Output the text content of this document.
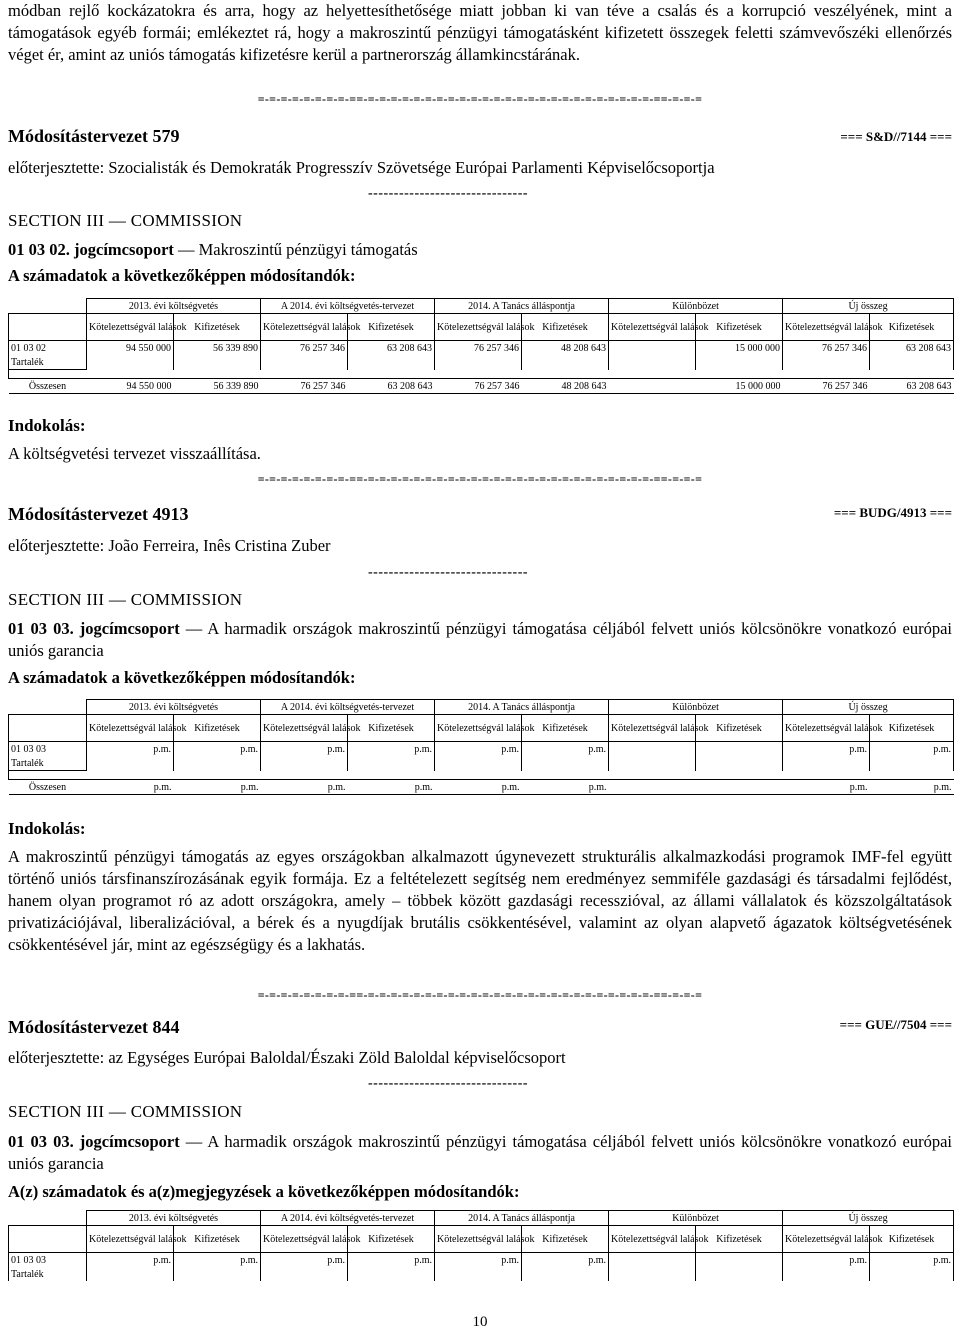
módban rejlő kockázatokra és arra, hogy az helyettesíthetősége miatt jobban ki van téve a csalás és a korrupció veszélyének, mint a támogatások egyéb formái; emlékeztet rá, hogy a makroszintű pénzügyi támogatásként kifizetett összegek feletti számvevőszéki ellenőrzés véget ér, amint az uniós támogatás kifizetésre kerül a partnerország államkincstárának.

=-=-=-=-=-=-=-=-==-=-=-=-=-=-=-=-=-=-=-=-=-=-=-=-=-=-=-=-=-=-=-=-=-=-==-=-=-=
Módosítástervezet 579	=== S&D//7144 ===
előterjesztette: Szocialisták és Demokraták Progresszív Szövetsége Európai Parlamenti Képviselőcsoportja
-------------------------------
SECTION III — COMMISSION
01 03 02. jogcímcsoport — Makroszintű pénzügyi támogatás
A számadatok a következőképpen módosítandók:
	2013. évi költségvetés		A 2014. évi költségvetés-tervezet		2014. A Tanács álláspontja		Különbözet		Új összeg	
	Kötelezettségvál lalások	Kifizetések	Kötelezettségvál lalások	Kifizetések	Kötelezettségvál lalások	Kifizetések	Kötelezettségvál lalások	Kifizetések	Kötelezettségvál lalások	Kifizetések
01 03 02	94 550 000	56 339 890	76 257 346	63 208 643	76 257 346	48 208 643		15 000 000	76 257 346	63 208 643
Tartalék										

Összesen	94 550 000	56 339 890	76 257 346	63 208 643	76 257 346	48 208 643		15 000 000	76 257 346	63 208 643
Indokolás:
A költségvetési tervezet visszaállítása.
=-=-=-=-=-=-=-=-==-=-=-=-=-=-=-=-=-=-=-=-=-=-=-=-=-=-=-=-=-=-=-=-=-=-==-=-=-=
Módosítástervezet 4913	=== BUDG/4913 ===
előterjesztette: João Ferreira, Inês Cristina Zuber
-------------------------------
SECTION III — COMMISSION

01 03 03. jogcímcsoport — A harmadik országok makroszintű pénzügyi támogatása céljából felvett uniós kölcsönökre vonatkozó európai uniós garancia

A számadatok a következőképpen módosítandók:
	2013. évi költségvetés		A 2014. évi költségvetés-tervezet		2014. A Tanács álláspontja		Különbözet		Új összeg	
	Kötelezettségvál lalások	Kifizetések	Kötelezettségvál lalások	Kifizetések	Kötelezettségvál lalások	Kifizetések	Kötelezettségvál lalások	Kifizetések	Kötelezettségvál lalások	Kifizetések
01 03 03	p.m.	p.m.	p.m.	p.m.	p.m.	p.m.			p.m.	p.m.
Tartalék										

Összesen	p.m.	p.m.	p.m.	p.m.	p.m.	p.m.			p.m.	p.m.
Indokolás:

A makroszintű pénzügyi támogatás az egyes országokban alkalmazott úgynevezett strukturális alkalmazkodási programok IMF-fel együtt történő uniós társfinanszírozásának egyik formája. Ez a feltételezett segítség nem eredményez semmiféle gazdasági és társadalmi fejlődést, hanem olyan programot ró az adott országokra, amely – többek között gazdasági recesszióval, az állami vállalatok és közszolgáltatások privatizációjával, liberalizációval, a bérek és a nyugdíjak brutális csökkentésével, valamint az olyan alapvető ágazatok költségvetésének csökkentésével jár, mint az egészségügy és a lakhatás.

=-=-=-=-=-=-=-=-==-=-=-=-=-=-=-=-=-=-=-=-=-=-=-=-=-=-=-=-=-=-=-=-=-=-==-=-=-=
Módosítástervezet 844	=== GUE//7504 ===
előterjesztette: az Egységes Európai Baloldal/Északi Zöld Baloldal képviselőcsoport
-------------------------------
SECTION III — COMMISSION

01 03 03. jogcímcsoport — A harmadik országok makroszintű pénzügyi támogatása céljából felvett uniós kölcsönökre vonatkozó európai uniós garancia

A(z) számadatok és a(z)megjegyzések a következőképpen módosítandók:
	2013. évi költségvetés		A 2014. évi költségvetés-tervezet		2014. A Tanács álláspontja		Különbözet		Új összeg	
	Kötelezettségvál lalások	Kifizetések	Kötelezettségvál lalások	Kifizetések	Kötelezettségvál lalások	Kifizetések	Kötelezettségvál lalások	Kifizetések	Kötelezettségvál lalások	Kifizetések
01 03 03	p.m.	p.m.	p.m.	p.m.	p.m.	p.m.			p.m.	p.m.
Tartalék										
10
